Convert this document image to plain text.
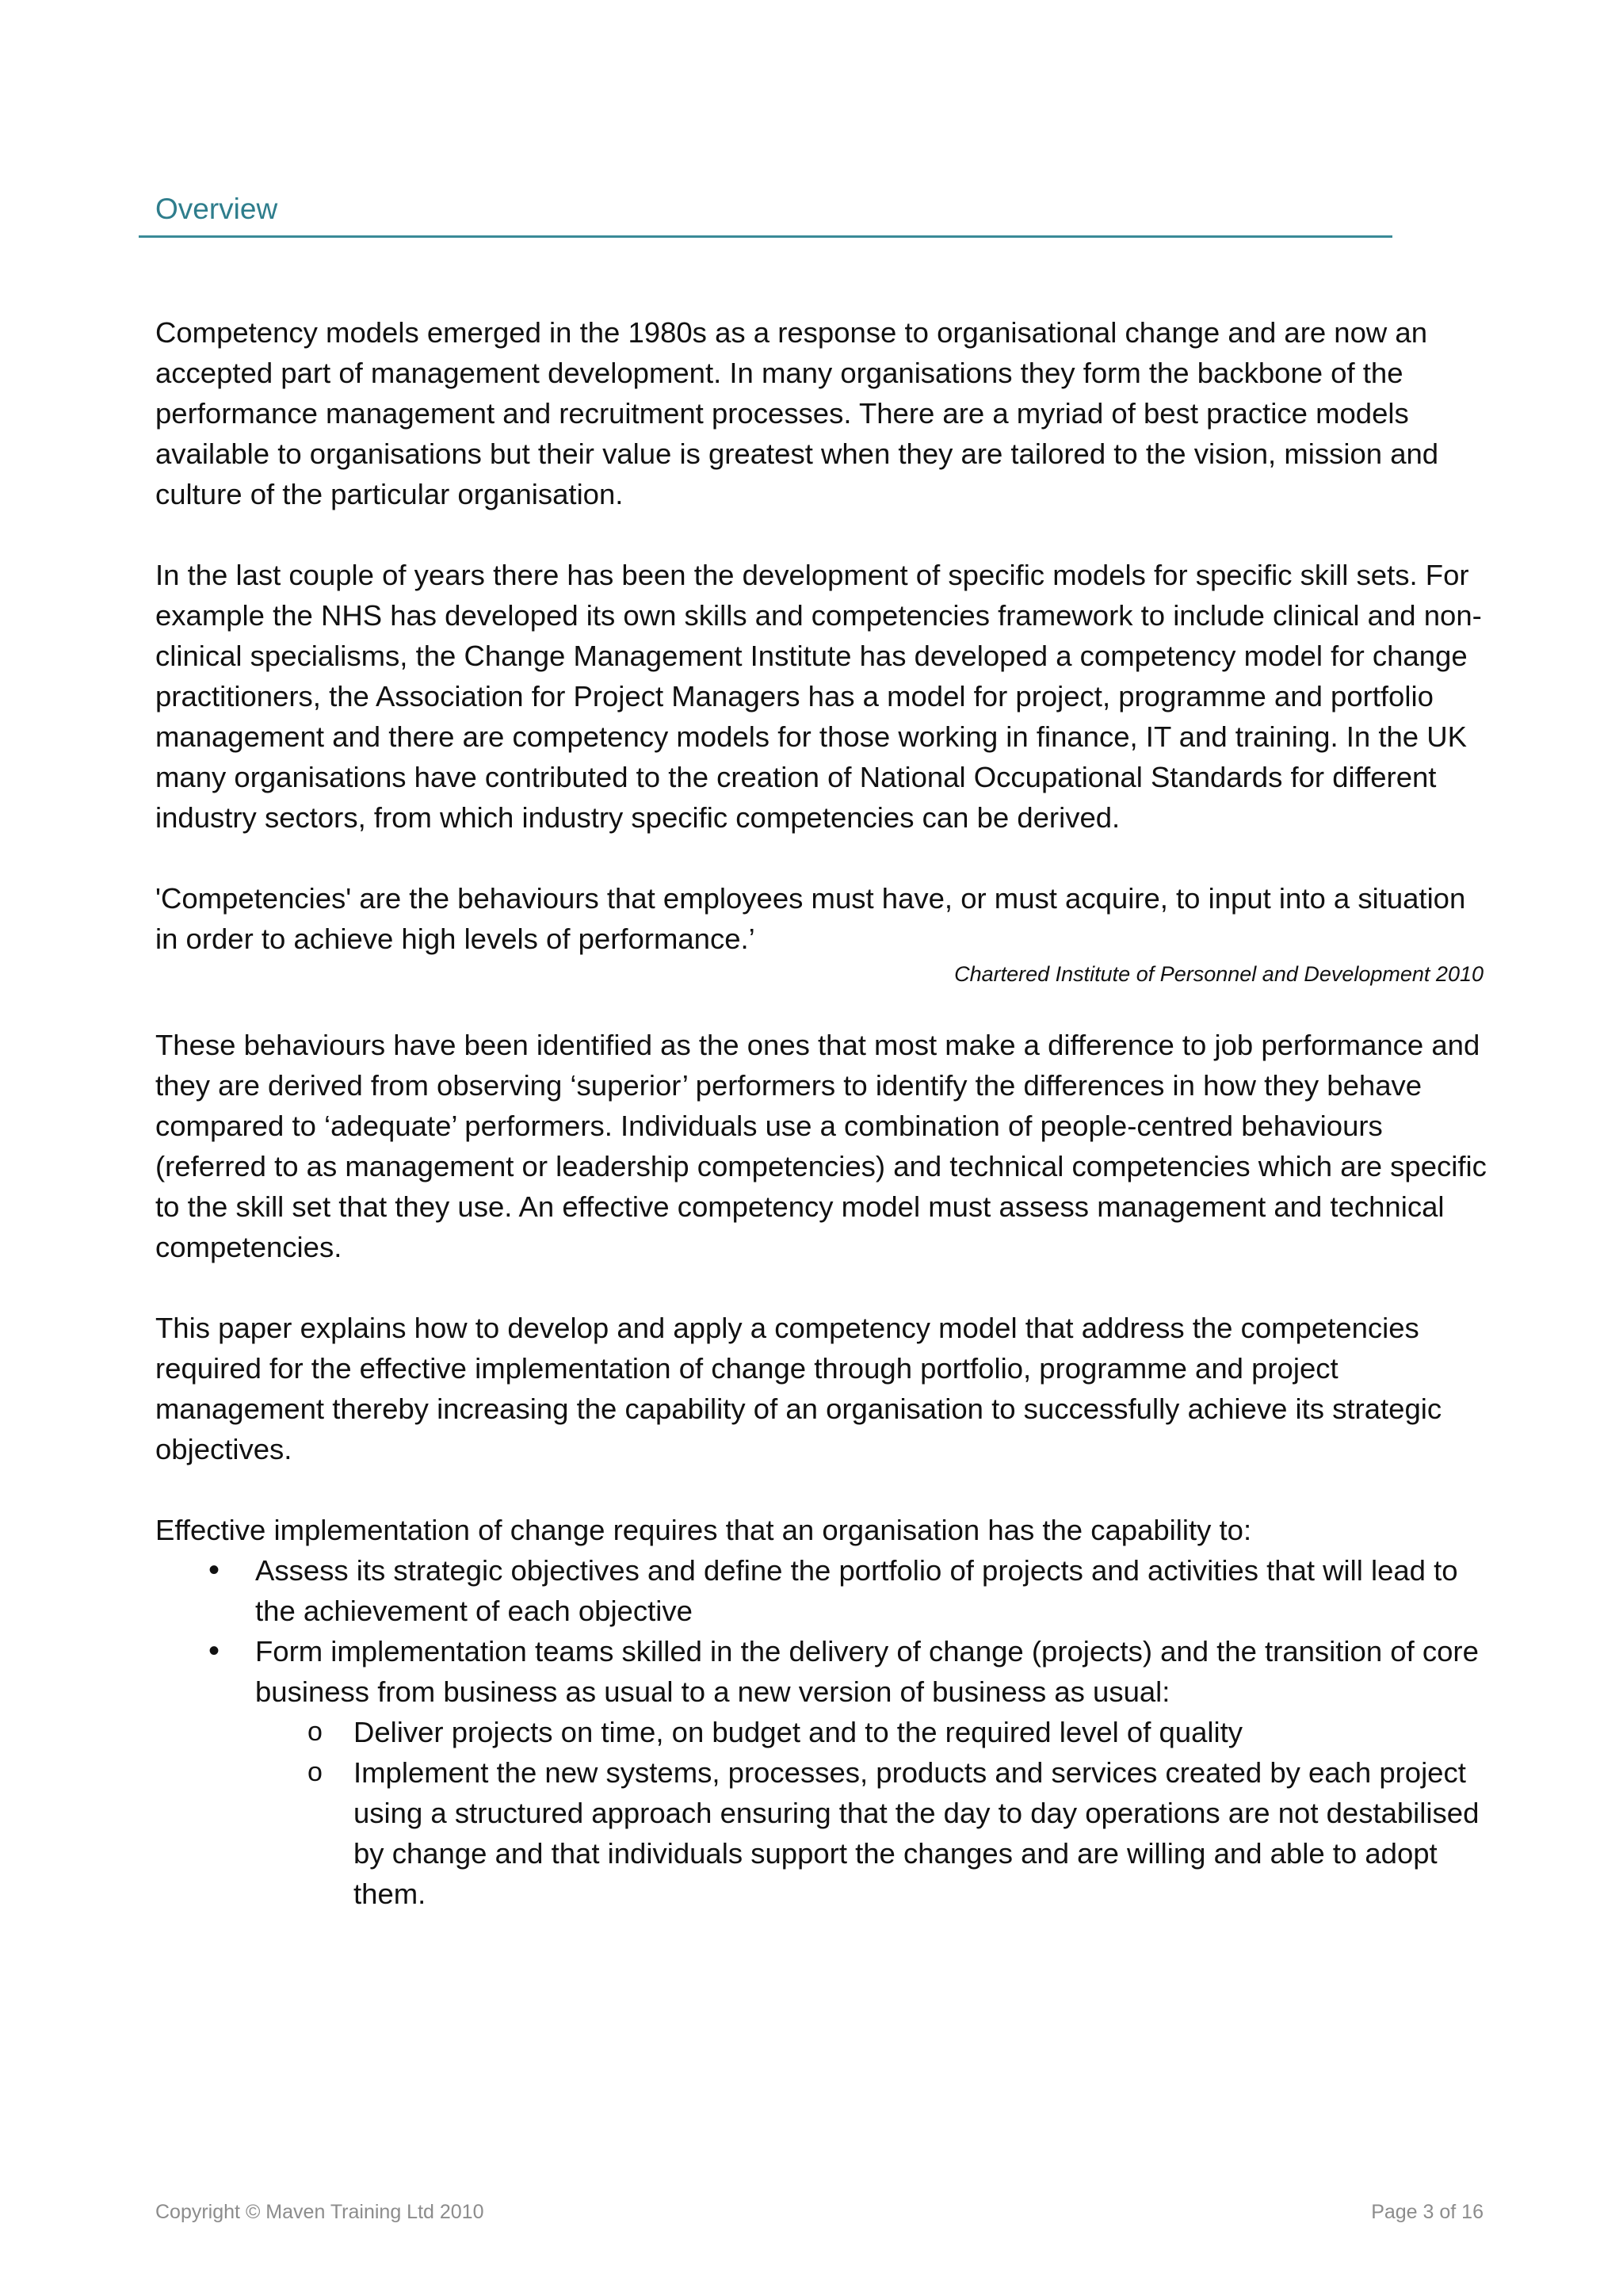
Overview

Competency models emerged in the 1980s as a response to organisational change and are now an accepted part of management development. In many organisations they form the backbone of the performance management and recruitment processes. There are a myriad of best practice models available to organisations but their value is greatest when they are tailored to the vision, mission and culture of the particular organisation.

In the last couple of years there has been the development of specific models for specific skill sets. For example the NHS has developed its own skills and competencies framework to include clinical and non-clinical specialisms, the Change Management Institute has developed a competency model for change practitioners, the Association for Project Managers has a model for project, programme and portfolio management and there are competency models for those working in finance, IT and training. In the UK many organisations have contributed to the creation of National Occupational Standards for different industry sectors, from which industry specific competencies can be derived.

'Competencies' are the behaviours that employees must have, or must acquire, to input into a situation in order to achieve high levels of performance.’

Chartered Institute of Personnel and Development 2010

These behaviours have been identified as the ones that most make a difference to job performance and they are derived from observing ‘superior’ performers to identify the differences in how they behave compared to ‘adequate’ performers. Individuals use a combination of people-centred behaviours (referred to as management or leadership competencies) and technical competencies which are specific to the skill set that they use. An effective competency model must assess management and technical competencies.

This paper explains how to develop and apply a competency model that address the competencies required for the effective implementation of change through portfolio, programme and project management thereby increasing the capability of an organisation to successfully achieve its strategic objectives.

Effective implementation of change requires that an organisation has the capability to:

• Assess its strategic objectives and define the portfolio of projects and activities that will lead to the achievement of each objective
• Form implementation teams skilled in the delivery of change (projects) and the transition of core business from business as usual to a new version of business as usual:
o Deliver projects on time, on budget and to the required level of quality
o Implement the new systems, processes, products and services created by each project using a structured approach ensuring that the day to day operations are not destabilised by change and that individuals support the changes and are willing and able to adopt them.
Copyright © Maven Training Ltd 2010	Page 3 of 16
